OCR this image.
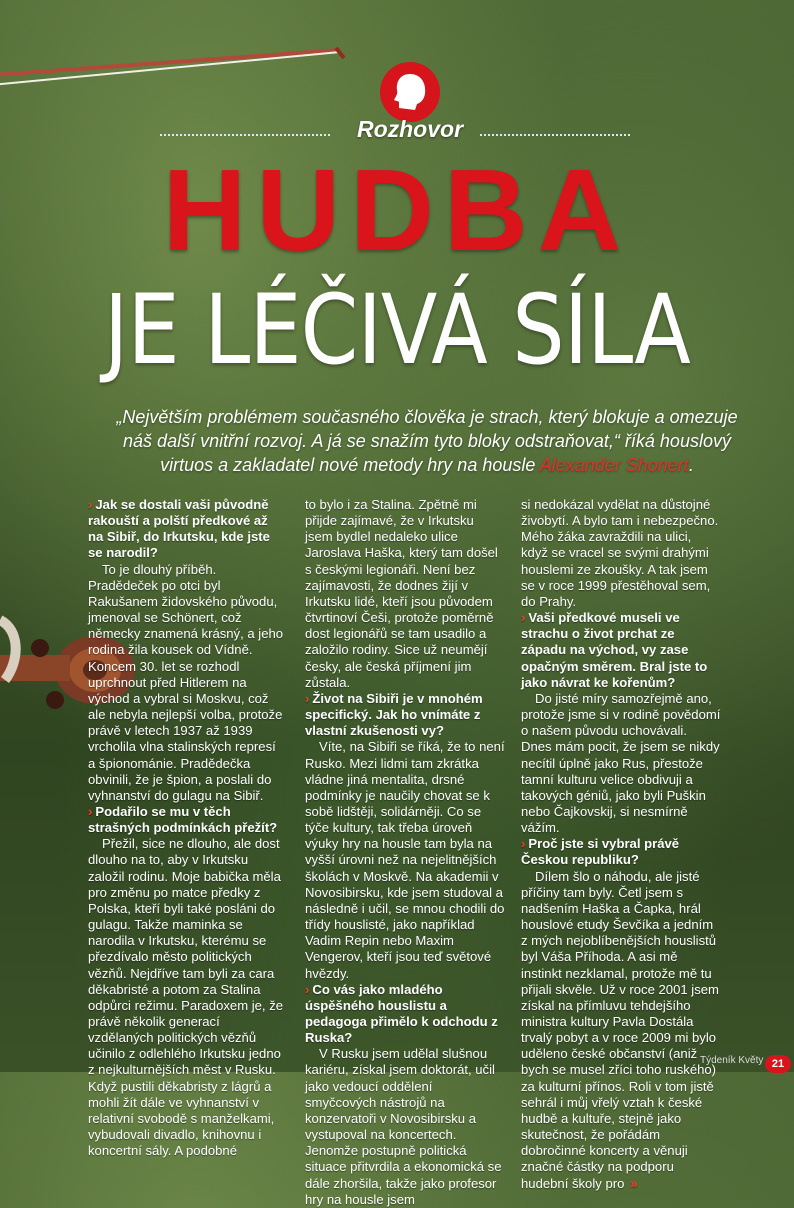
Rozhovor
HUDBA
JE LÉČIVÁ SÍLA
„Největším problémem současného člověka je strach, který blokuje a omezuje náš další vnitřní rozvoj. A já se snažím tyto bloky odstraňovat,“ říká houslový virtuos a zakladatel nové metody hry na housle Alexander Shonert.

› Jak se dostali vaši původně rakouští a polští předkové až na Sibiř, do Irkutsku, kde jste se narodil?

To je dlouhý příběh. Pradědeček po otci byl Rakušanem židovského původu, jmenoval se Schönert, což německy znamená krásný, a jeho rodina žila kousek od Vídně. Koncem 30. let se rozhodl uprchnout před Hitlerem na východ a vybral si Moskvu, což ale nebyla nejlepší volba, protože právě v letech 1937 až 1939 vrcholila vlna stalinských represí a špionománie. Pradědečka obvinili, že je špion, a poslali do vyhnanství do gulagu na Sibiř.

› Podařilo se mu v těch strašných podmínkách přežít?

Přežil, sice ne dlouho, ale dost dlouho na to, aby v Irkutsku založil rodinu. Moje babička měla pro změnu po matce předky z Polska, kteří byli také posláni do gulagu. Takže maminka se narodila v Irkutsku, kterému se přezdívalo město politických vězňů. Nejdříve tam byli za cara děkabristé a potom za Stalina odpůrci režimu. Paradoxem je, že právě několik generací vzdělaných politických vězňů učinilo z odlehlého Irkutsku jedno z nejkulturnějších měst v Rusku. Když pustili děkabristy z lágrů a mohli žít dále ve vyhnanství v relativní svobodě s manželkami, vybudovali divadlo, knihovnu i koncertní sály. A podobné

to bylo i za Stalina. Zpětně mi přijde zajímavé, že v Irkutsku jsem bydlel nedaleko ulice Jaroslava Haška, který tam došel s českými legionáři. Není bez zajímavosti, že dodnes žijí v Irkutsku lidé, kteří jsou původem čtvrtinoví Češi, protože poměrně dost legionářů se tam usadilo a založilo rodiny. Sice už neumějí česky, ale česká příjmení jim zůstala.

› Život na Sibiři je v mnohém specifický. Jak ho vnímáte z vlastní zkušenosti vy?

Víte, na Sibiři se říká, že to není Rusko. Mezi lidmi tam zkrátka vládne jiná mentalita, drsné podmínky je naučily chovat se k sobě lidštěji, solidárněji. Co se týče kultury, tak třeba úroveň výuky hry na housle tam byla na vyšší úrovni než na nejelitnějších školách v Moskvě. Na akademii v Novosibirsku, kde jsem studoval a následně i učil, se mnou chodili do třídy houslisté, jako například Vadim Repin nebo Maxim Vengerov, kteří jsou teď světové hvězdy.

› Co vás jako mladého úspěšného houslistu a pedagoga přimělo k odchodu z Ruska?

V Rusku jsem udělal slušnou kariéru, získal jsem doktorát, učil jako vedoucí oddělení smyčcových nástrojů na konzervatoři v Novosibirsku a vystupoval na koncertech. Jenomže postupně politická situace přitvrdila a ekonomická se dále zhoršila, takže jako profesor hry na housle jsem

si nedokázal vydělat na důstojné živobytí. A bylo tam i nebezpečno. Mého žáka zavraždili na ulici, když se vracel se svými drahými houslemi ze zkoušky. A tak jsem se v roce 1999 přestěhoval sem, do Prahy.

› Vaši předkové museli ve strachu o život prchat ze západu na východ, vy zase opačným směrem. Bral jste to jako návrat ke kořenům?

Do jisté míry samozřejmě ano, protože jsme si v rodině povědomí o našem původu uchovávali. Dnes mám pocit, že jsem se nikdy necítil úplně jako Rus, přestože tamní kulturu velice obdivuji a takových géniů, jako byli Puškin nebo Čajkovskij, si nesmírně vážím.

› Proč jste si vybral právě Českou republiku?

Dílem šlo o náhodu, ale jisté příčiny tam byly. Četl jsem s nadšením Haška a Čapka, hrál houslové etudy Ševčíka a jedním z mých nejoblíbenějších houslistů byl Váša Příhoda. A asi mě instinkt nezklamal, protože mě tu přijali skvěle. Už v roce 2001 jsem získal na přímluvu tehdejšího ministra kultury Pavla Dostála trvalý pobyt a v roce 2009 mi bylo uděleno české občanství (aniž bych se musel zříci toho ruského) za kulturní přínos. Roli v tom jistě sehrál i můj vřelý vztah k české hudbě a kultuře, stejně jako skutečnost, že pořádám dobročinné koncerty a věnuji značné částky na podporu hudební školy pro »

Týdeník Květy 21
